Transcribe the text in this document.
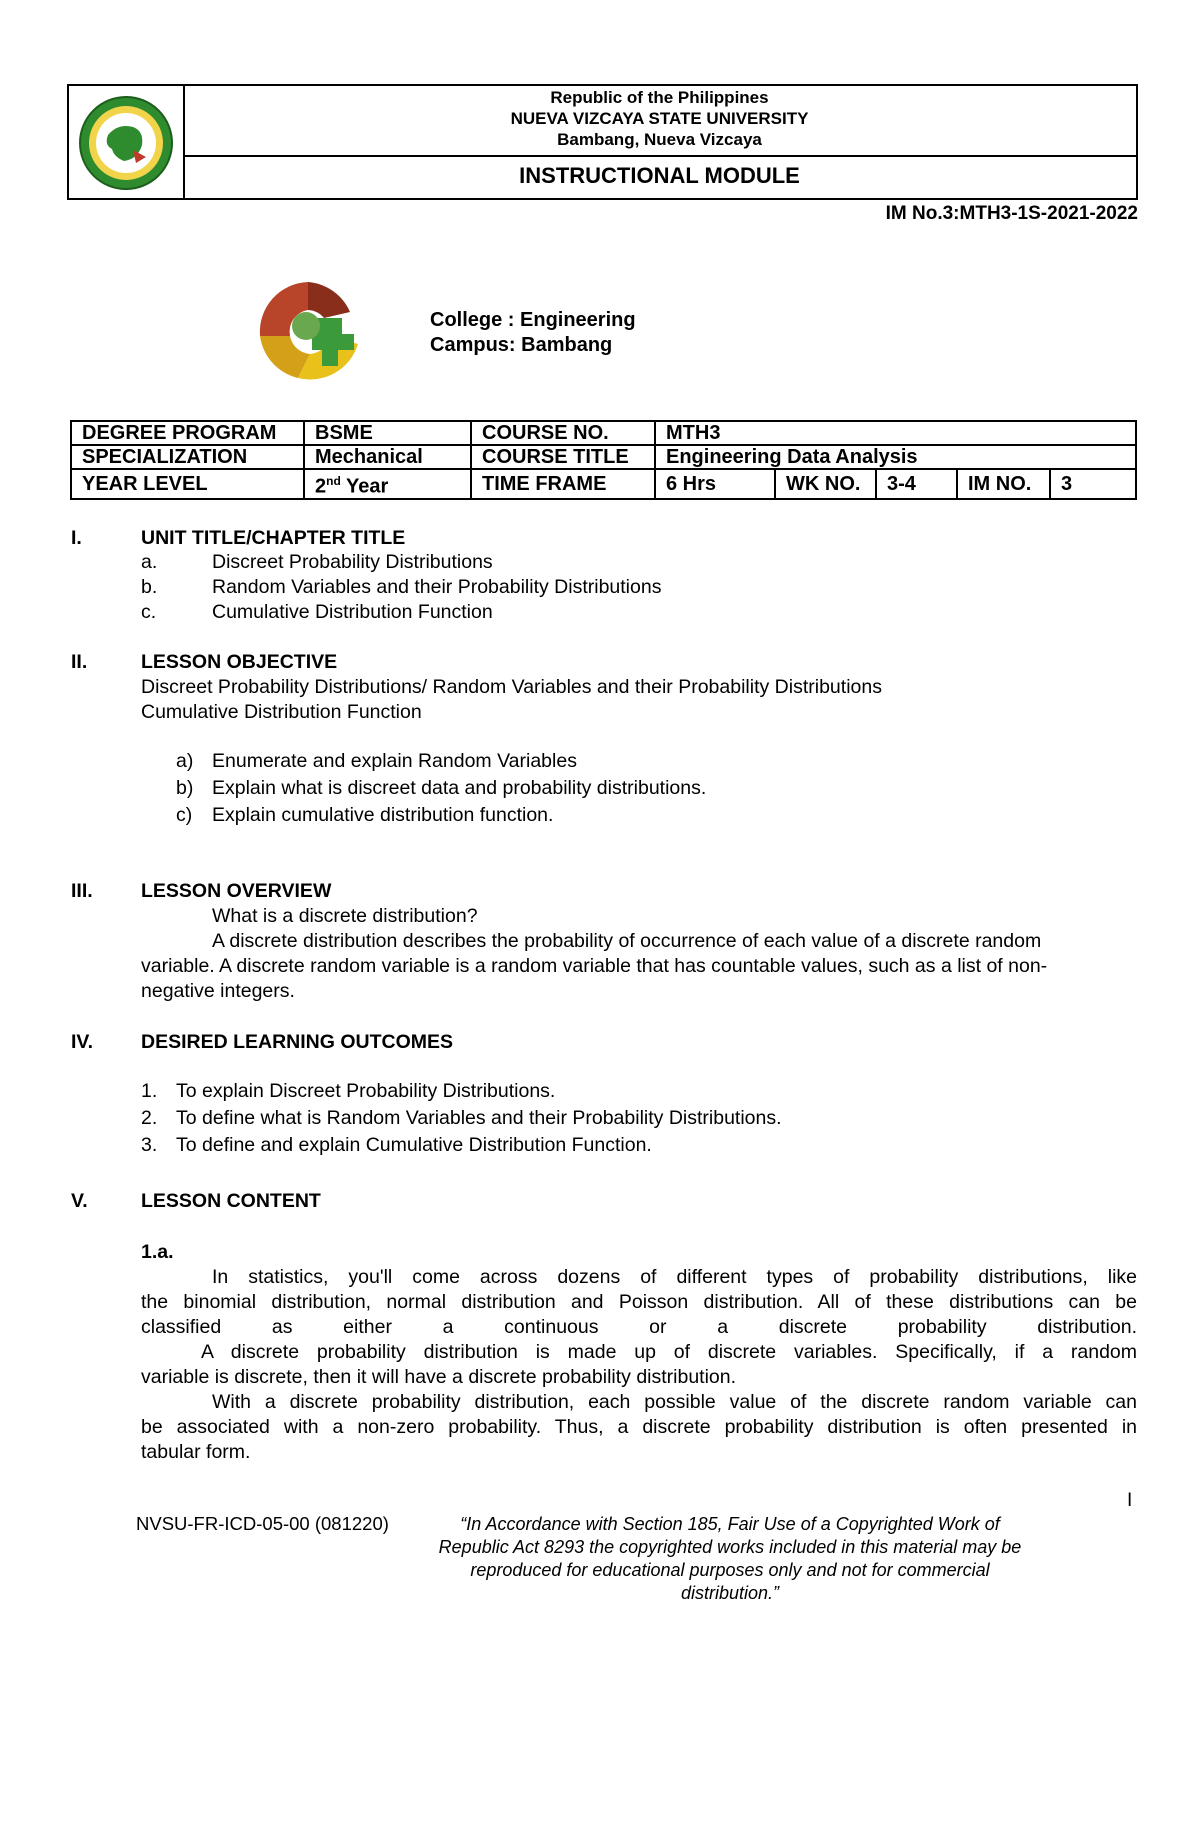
Republic of the Philippines
NUEVA VIZCAYA STATE UNIVERSITY
Bambang, Nueva Vizcaya
INSTRUCTIONAL MODULE
IM No.3:MTH3-1S-2021-2022
College : Engineering
Campus: Bambang
DEGREE PROGRAM	BSME	COURSE NO.	MTH3				
SPECIALIZATION	Mechanical	COURSE TITLE	Engineering Data Analysis				
YEAR LEVEL	2nd Year	TIME FRAME	6 Hrs	WK NO.	3-4	IM NO.	3
I.	UNIT TITLE/CHAPTER TITLE
a.	Discreet Probability Distributions
b.	Random Variables and their Probability Distributions
c.	Cumulative Distribution Function
II.	LESSON OBJECTIVE
Discreet Probability Distributions/ Random Variables and their Probability Distributions
Cumulative Distribution Function
a) Enumerate and explain Random Variables
b) Explain what is discreet data and probability distributions.
c) Explain cumulative distribution function.
III. LESSON OVERVIEW
What is a discrete distribution?
A discrete distribution describes the probability of occurrence of each value of a discrete random
variable. A discrete random variable is a random variable that has countable values, such as a list of non-
negative integers.
IV. DESIRED LEARNING OUTCOMES
1. To explain Discreet Probability Distributions.
2. To define what is Random Variables and their Probability Distributions.
3. To define and explain Cumulative Distribution Function.
V.	LESSON CONTENT
1.a.
In statistics, you'll come across dozens of different types of probability distributions, like
the binomial distribution, normal distribution and Poisson distribution. All of these distributions can be
classified as either a continuous or a discrete probability distribution.
A discrete probability distribution is made up of discrete variables. Specifically, if a random
variable is discrete, then it will have a discrete probability distribution.
With a discrete probability distribution, each possible value of the discrete random variable can
be associated with a non-zero probability. Thus, a discrete probability distribution is often presented in
tabular form.
I
NVSU-FR-ICD-05-00 (081220)	“In Accordance with Section 185, Fair Use of a Copyrighted Work of Republic Act 8293 the copyrighted works included in this material may be reproduced for educational purposes only and not for commercial distribution.”
